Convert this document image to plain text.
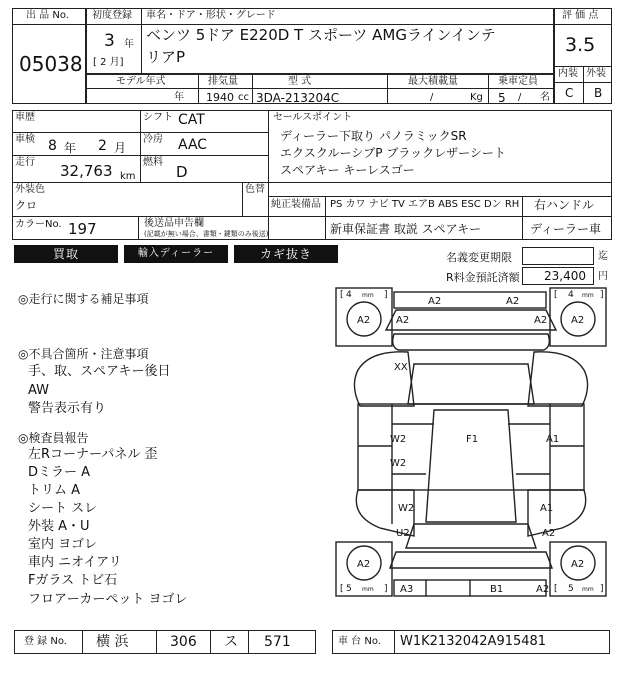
出 品 No.
05038
初度登録
3 年
[ 2 月]
車名・ドア・形状・グレード
ベンツ 5ドア E220D T スポーツ AMGラインインテ
リアP
評 価 点
3.5
内装 外装
C B
モデル年式
年
排気量
1940 cc
型 式
3DA-213204C
最大積載量
/	Kg
乗車定員
5 / 名
車歴
車検 8 年 2 月
走行 32,763 km
シフト CAT
冷房 AAC
燃料
D
外装色
クロ
色替
カラーNo. 197	後送品申告欄
(記載が無い場合、書類・鍵類のみ後送)
セールスポイント
ディーラー下取り パノラミックSR
エクスクルーシブP ブラックレザーシート
スペアキー キーレスゴー
純正装備品 PS カワ ナビ TV エアB ABS ESC Dン RH 右ハンドル
新車保証書 取説 スペアキー	ディーラー車
買取	輸入ディーラー	カギ抜き	名義変更期限	迄
R料金預託済額 23,400 円
◎走行に関する補足事項
◎不具合箇所・注意事項
手、取、スペアキー後日
AW
警告表示有り
◎検査員報告
左Rコーナーパネル 歪
Dミラー A
トリム A
シート スレ
外装 A・U
室内 ヨゴレ
車内 ニオイアリ
Fガラス トビ石
フロアーカーペット ヨゴレ
[ 4 mm ]	[ 4 mm ]
[ 5 mm ]	[ 5 mm ]
A2	A2
A2	A2
A2	A2
XX
F1
W2
W2
A1
W2
U2
A1
A2
A2	A2
A3	B1	A2
登 録 No. 横 浜	306 ス 571	車 台 No. W1K2132042A915481
